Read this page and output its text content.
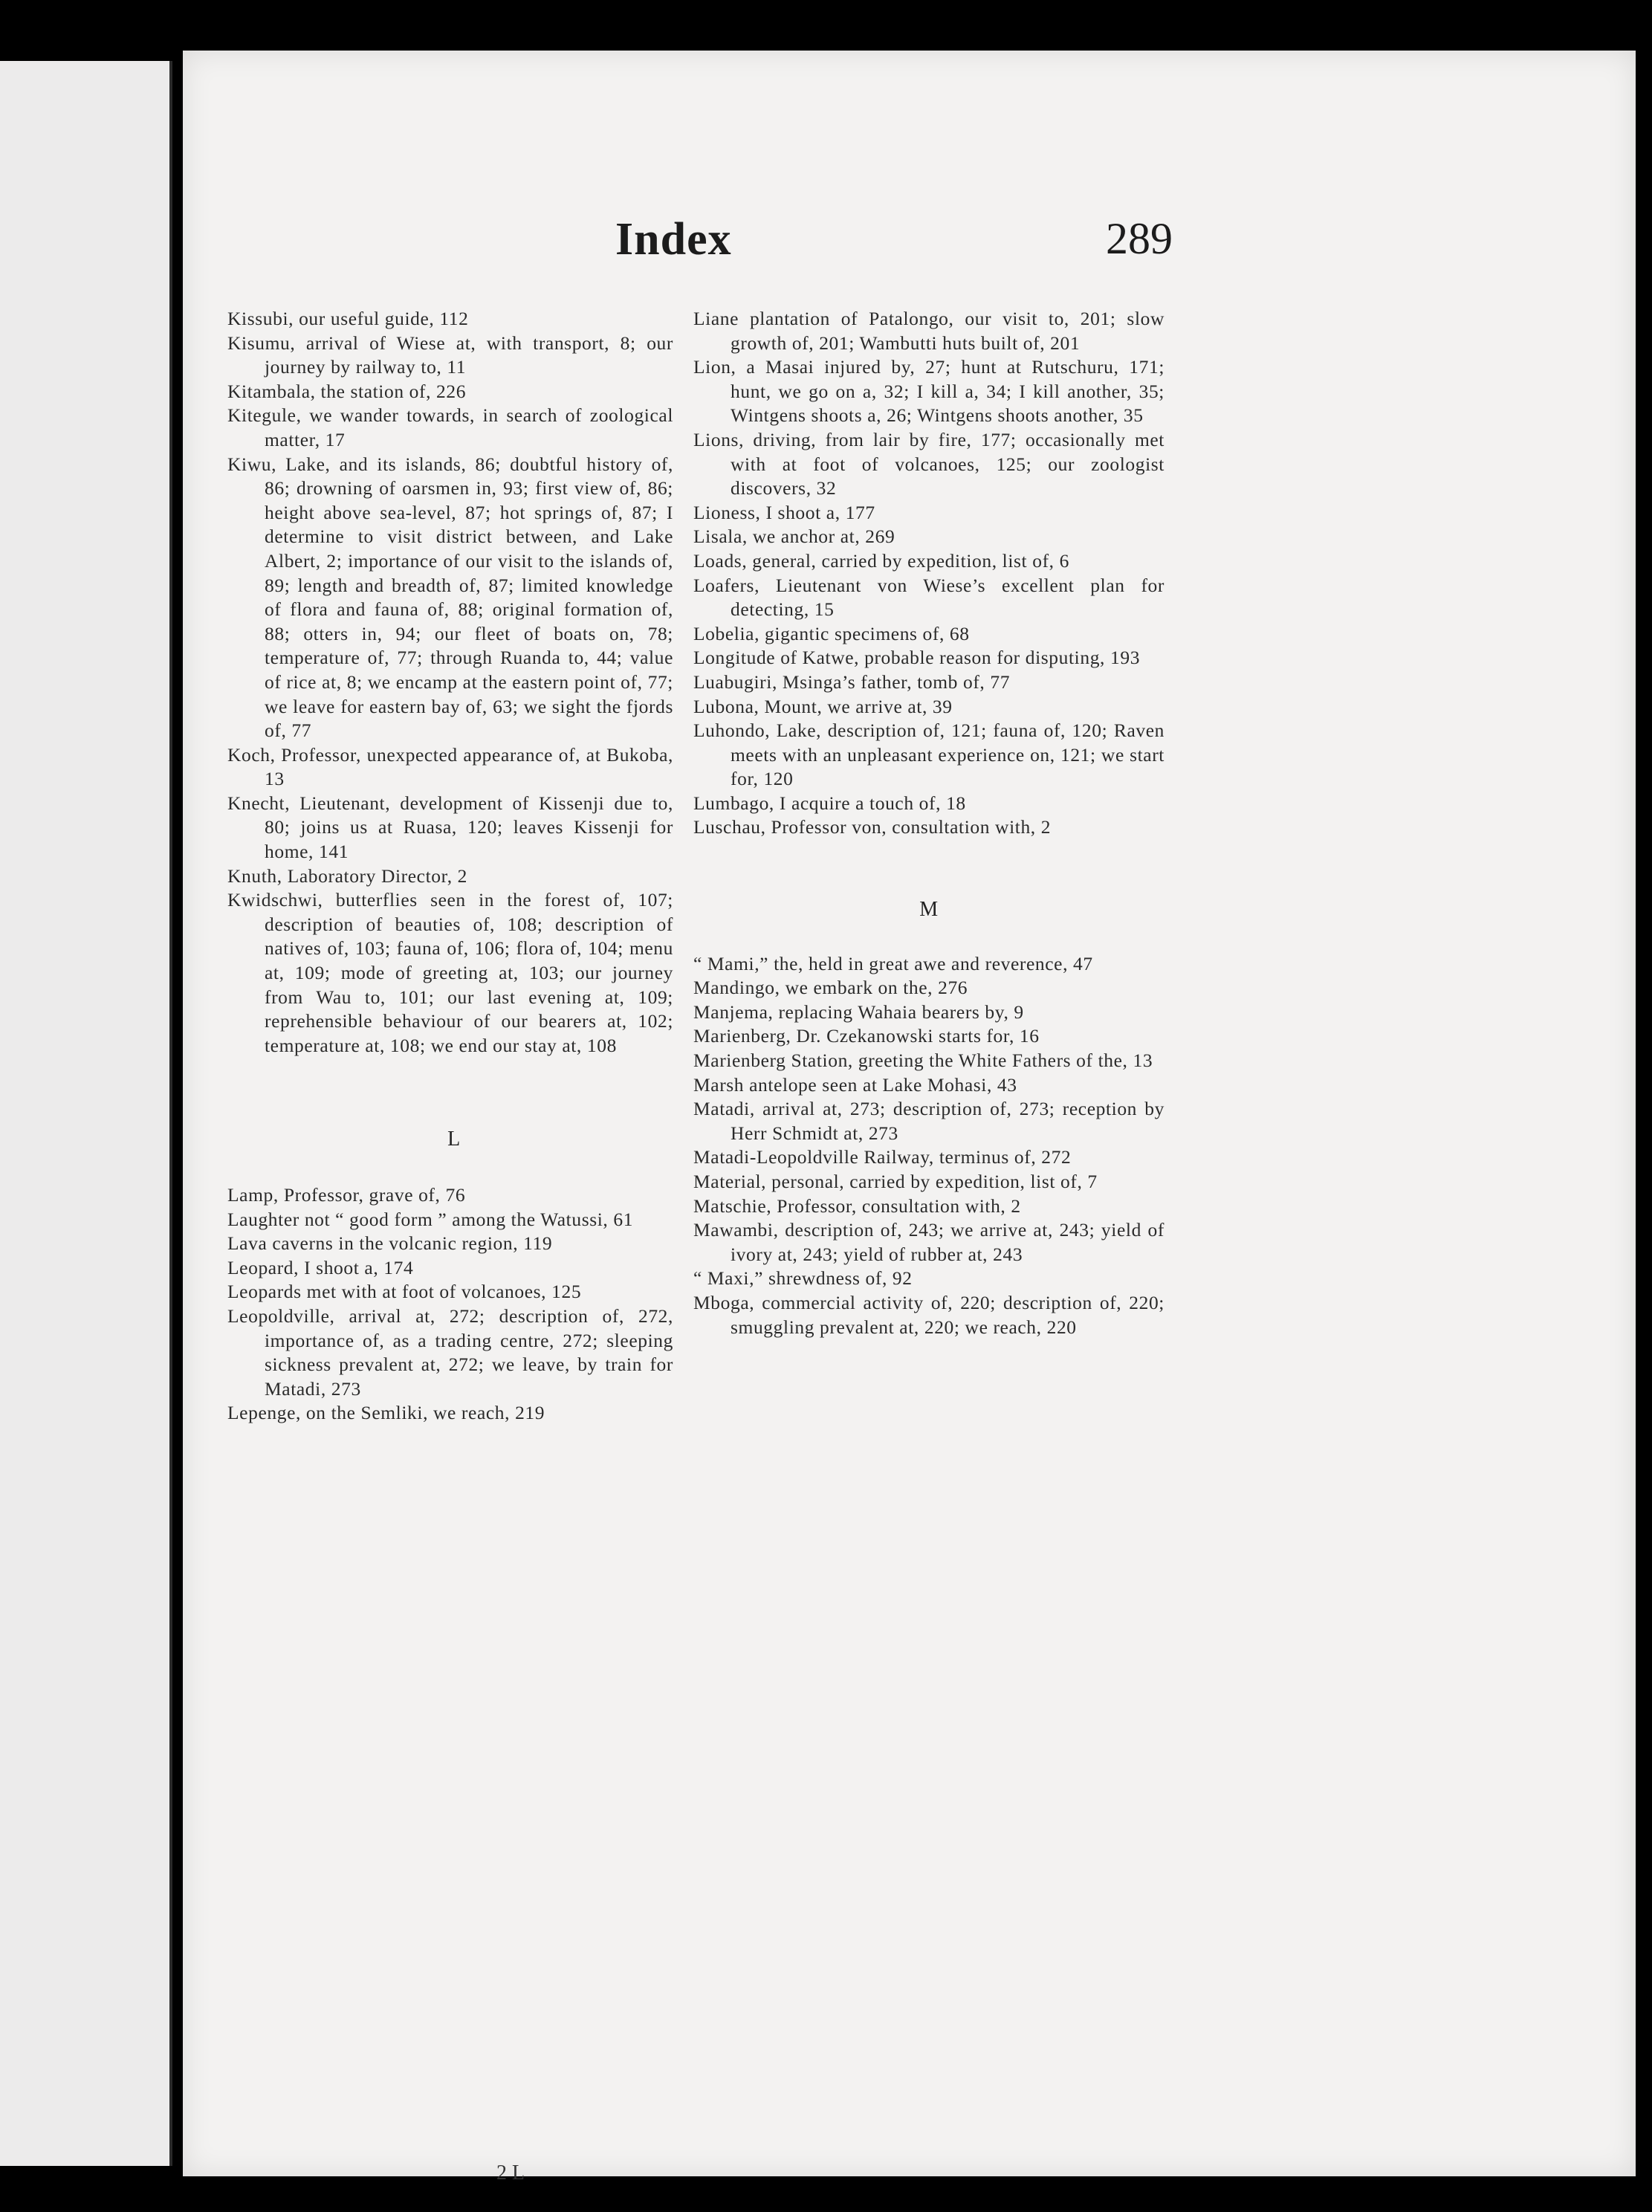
Index	289

Kissubi, our useful guide, 112

Kisumu, arrival of Wiese at, with transport, 8; our journey by railway to, 11

Kitambala, the station of, 226

Kitegule, we wander towards, in search of zoological matter, 17

Kiwu, Lake, and its islands, 86; doubtful history of, 86; drowning of oarsmen in, 93; first view of, 86; height above sea-level, 87; hot springs of, 87; I determine to visit district between, and Lake Albert, 2; importance of our visit to the islands of, 89; length and breadth of, 87; limited knowledge of flora and fauna of, 88; original formation of, 88; otters in, 94; our fleet of boats on, 78; temperature of, 77; through Ruanda to, 44; value of rice at, 8; we encamp at the eastern point of, 77; we leave for eastern bay of, 63; we sight the fjords of, 77

Koch, Professor, unexpected appearance of, at Bukoba, 13

Knecht, Lieutenant, development of Kissenji due to, 80; joins us at Ruasa, 120; leaves Kissenji for home, 141

Knuth, Laboratory Director, 2

Kwidschwi, butterflies seen in the forest of, 107; description of beauties of, 108; description of natives of, 103; fauna of, 106; flora of, 104; menu at, 109; mode of greeting at, 103; our journey from Wau to, 101; our last evening at, 109; reprehensible behaviour of our bearers at, 102; temperature at, 108; we end our stay at, 108

L

Lamp, Professor, grave of, 76

Laughter not “ good form ” among the Watussi, 61

Lava caverns in the volcanic region, 119

Leopard, I shoot a, 174

Leopards met with at foot of volcanoes, 125

Leopoldville, arrival at, 272; description of, 272, importance of, as a trading centre, 272; sleeping sickness prevalent at, 272; we leave, by train for Matadi, 273

Lepenge, on the Semliki, we reach, 219

Liane plantation of Patalongo, our visit to, 201; slow growth of, 201; Wambutti huts built of, 201

Lion, a Masai injured by, 27; hunt at Rutschuru, 171; hunt, we go on a, 32; I kill a, 34; I kill another, 35; Wintgens shoots a, 26; Wintgens shoots another, 35

Lions, driving, from lair by fire, 177; occasionally met with at foot of volcanoes, 125; our zoologist discovers, 32

Lioness, I shoot a, 177

Lisala, we anchor at, 269

Loads, general, carried by expedition, list of, 6

Loafers, Lieutenant von Wiese’s excellent plan for detecting, 15

Lobelia, gigantic specimens of, 68

Longitude of Katwe, probable reason for disputing, 193

Luabugiri, Msinga’s father, tomb of, 77

Lubona, Mount, we arrive at, 39

Luhondo, Lake, description of, 121; fauna of, 120; Raven meets with an unpleasant experience on, 121; we start for, 120

Lumbago, I acquire a touch of, 18

Luschau, Professor von, consultation with, 2

M

“ Mami,” the, held in great awe and reverence, 47

Mandingo, we embark on the, 276

Manjema, replacing Wahaia bearers by, 9

Marienberg, Dr. Czekanowski starts for, 16

Marienberg Station, greeting the White Fathers of the, 13

Marsh antelope seen at Lake Mohasi, 43

Matadi, arrival at, 273; description of, 273; reception by Herr Schmidt at, 273

Matadi-Leopoldville Railway, terminus of, 272

Material, personal, carried by expedition, list of, 7

Matschie, Professor, consultation with, 2

Mawambi, description of, 243; we arrive at, 243; yield of ivory at, 243; yield of rubber at, 243

“ Maxi,” shrewdness of, 92

Mboga, commercial activity of, 220; description of, 220; smuggling prevalent at, 220; we reach, 220

2 L
